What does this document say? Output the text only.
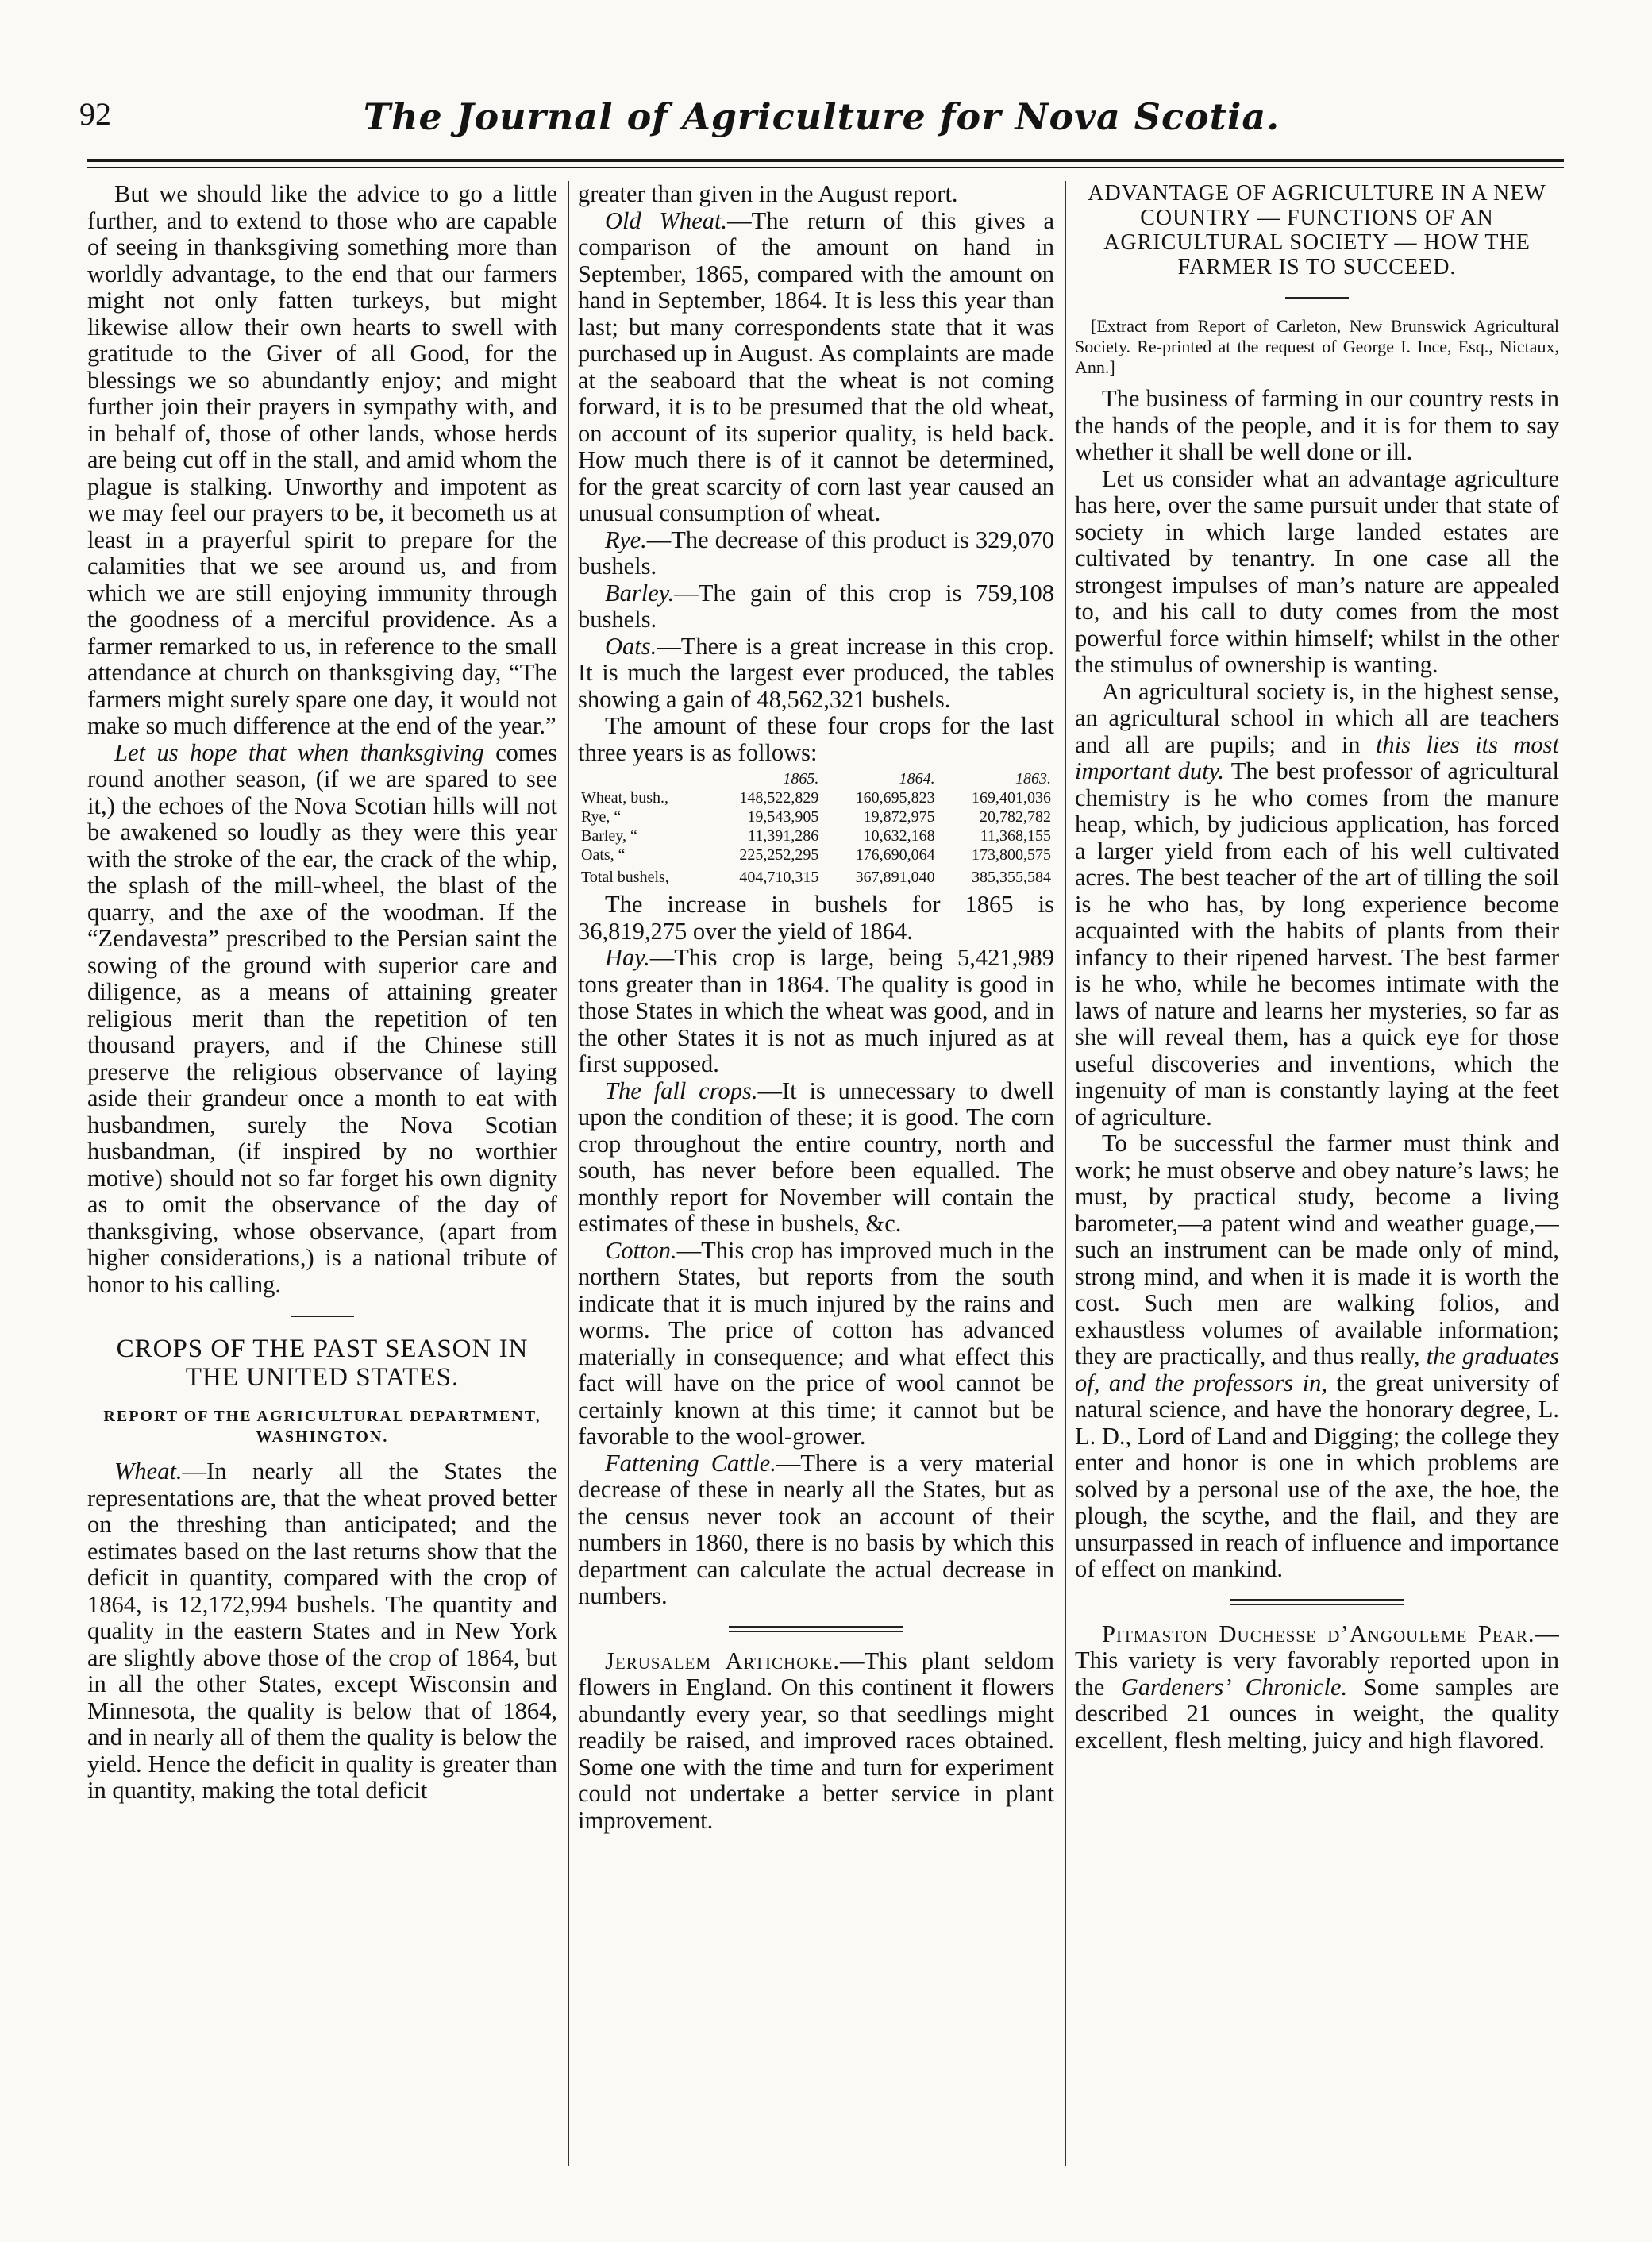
92	The Journal of Agriculture for Nova Scotia.

But we should like the advice to go a little further, and to extend to those who are capable of seeing in thanksgiving something more than worldly advantage, to the end that our farmers might not only fatten turkeys, but might likewise allow their own hearts to swell with gratitude to the Giver of all Good, for the blessings we so abundantly enjoy; and might further join their prayers in sympathy with, and in behalf of, those of other lands, whose herds are being cut off in the stall, and amid whom the plague is stalking. Unworthy and impotent as we may feel our prayers to be, it becometh us at least in a prayerful spirit to prepare for the calamities that we see around us, and from which we are still enjoying immunity through the goodness of a merciful providence. As a farmer remarked to us, in reference to the small attendance at church on thanksgiving day, “The farmers might surely spare one day, it would not make so much difference at the end of the year.”

Let us hope that when thanksgiving comes round another season, (if we are spared to see it,) the echoes of the Nova Scotian hills will not be awakened so loudly as they were this year with the stroke of the ear, the crack of the whip, the splash of the mill-wheel, the blast of the quarry, and the axe of the woodman. If the “Zendavesta” prescribed to the Persian saint the sowing of the ground with superior care and diligence, as a means of attaining greater religious merit than the repetition of ten thousand prayers, and if the Chinese still preserve the religious observance of laying aside their grandeur once a month to eat with husbandmen, surely the Nova Scotian husbandman, (if inspired by no worthier motive) should not so far forget his own dignity as to omit the observance of the day of thanksgiving, whose observance, (apart from higher considerations,) is a national tribute of honor to his calling.

CROPS OF THE PAST SEASON IN THE UNITED STATES.
REPORT OF THE AGRICULTURAL DEPARTMENT, WASHINGTON.

Wheat.—In nearly all the States the representations are, that the wheat proved better on the threshing than anticipated; and the estimates based on the last returns show that the deficit in quantity, compared with the crop of 1864, is 12,172,994 bushels. The quantity and quality in the eastern States and in New York are slightly above those of the crop of 1864, but in all the other States, except Wisconsin and Minnesota, the quality is below that of 1864, and in nearly all of them the quality is below the yield. Hence the deficit in quality is greater than in quantity, making the total deficit

greater than given in the August report.

Old Wheat.—The return of this gives a comparison of the amount on hand in September, 1865, compared with the amount on hand in September, 1864. It is less this year than last; but many correspondents state that it was purchased up in August. As complaints are made at the seaboard that the wheat is not coming forward, it is to be presumed that the old wheat, on account of its superior quality, is held back. How much there is of it cannot be determined, for the great scarcity of corn last year caused an unusual consumption of wheat.

Rye.—The decrease of this product is 329,070 bushels.

Barley.—The gain of this crop is 759,108 bushels.

Oats.—There is a great increase in this crop. It is much the largest ever produced, the tables showing a gain of 48,562,321 bushels.

The amount of these four crops for the last three years is as follows:

	1865.	1864.	1863.
Wheat, bush.,	148,522,829	160,695,823	169,401,036
Rye, “	19,543,905	19,872,975	20,782,782
Barley, “	11,391,286	10,632,168	11,368,155
Oats, “	225,252,295	176,690,064	173,800,575
Total bushels,	404,710,315	367,891,040	385,355,584

The increase in bushels for 1865 is 36,819,275 over the yield of 1864.

Hay.—This crop is large, being 5,421,989 tons greater than in 1864. The quality is good in those States in which the wheat was good, and in the other States it is not as much injured as at first supposed.

The fall crops.—It is unnecessary to dwell upon the condition of these; it is good. The corn crop throughout the entire country, north and south, has never before been equalled. The monthly report for November will contain the estimates of these in bushels, &c.

Cotton.—This crop has improved much in the northern States, but reports from the south indicate that it is much injured by the rains and worms. The price of cotton has advanced materially in consequence; and what effect this fact will have on the price of wool cannot be certainly known at this time; it cannot but be favorable to the wool-grower.

Fattening Cattle.—There is a very material decrease of these in nearly all the States, but as the census never took an account of their numbers in 1860, there is no basis by which this department can calculate the actual decrease in numbers.

Jerusalem Artichoke.—This plant seldom flowers in England. On this continent it flowers abundantly every year, so that seedlings might readily be raised, and improved races obtained. Some one with the time and turn for experiment could not undertake a better service in plant improvement.

ADVANTAGE OF AGRICULTURE IN A NEW COUNTRY — FUNCTIONS OF AN AGRICULTURAL SOCIETY — HOW THE FARMER IS TO SUCCEED.

[Extract from Report of Carleton, New Brunswick Agricultural Society. Re-printed at the request of George I. Ince, Esq., Nictaux, Ann.]

The business of farming in our country rests in the hands of the people, and it is for them to say whether it shall be well done or ill.

Let us consider what an advantage agriculture has here, over the same pursuit under that state of society in which large landed estates are cultivated by tenantry. In one case all the strongest impulses of man’s nature are appealed to, and his call to duty comes from the most powerful force within himself; whilst in the other the stimulus of ownership is wanting.

An agricultural society is, in the highest sense, an agricultural school in which all are teachers and all are pupils; and in this lies its most important duty. The best professor of agricultural chemistry is he who comes from the manure heap, which, by judicious application, has forced a larger yield from each of his well cultivated acres. The best teacher of the art of tilling the soil is he who has, by long experience become acquainted with the habits of plants from their infancy to their ripened harvest. The best farmer is he who, while he becomes intimate with the laws of nature and learns her mysteries, so far as she will reveal them, has a quick eye for those useful discoveries and inventions, which the ingenuity of man is constantly laying at the feet of agriculture.

To be successful the farmer must think and work; he must observe and obey nature’s laws; he must, by practical study, become a living barometer,—a patent wind and weather guage,—such an instrument can be made only of mind, strong mind, and when it is made it is worth the cost. Such men are walking folios, and exhaustless volumes of available information; they are practically, and thus really, the graduates of, and the professors in, the great university of natural science, and have the honorary degree, L. L. D., Lord of Land and Digging; the college they enter and honor is one in which problems are solved by a personal use of the axe, the hoe, the plough, the scythe, and the flail, and they are unsurpassed in reach of influence and importance of effect on mankind.

Pitmaston Duchesse d’Angouleme Pear.— This variety is very favorably reported upon in the Gardeners’ Chronicle. Some samples are described 21 ounces in weight, the quality excellent, flesh melting, juicy and high flavored.
